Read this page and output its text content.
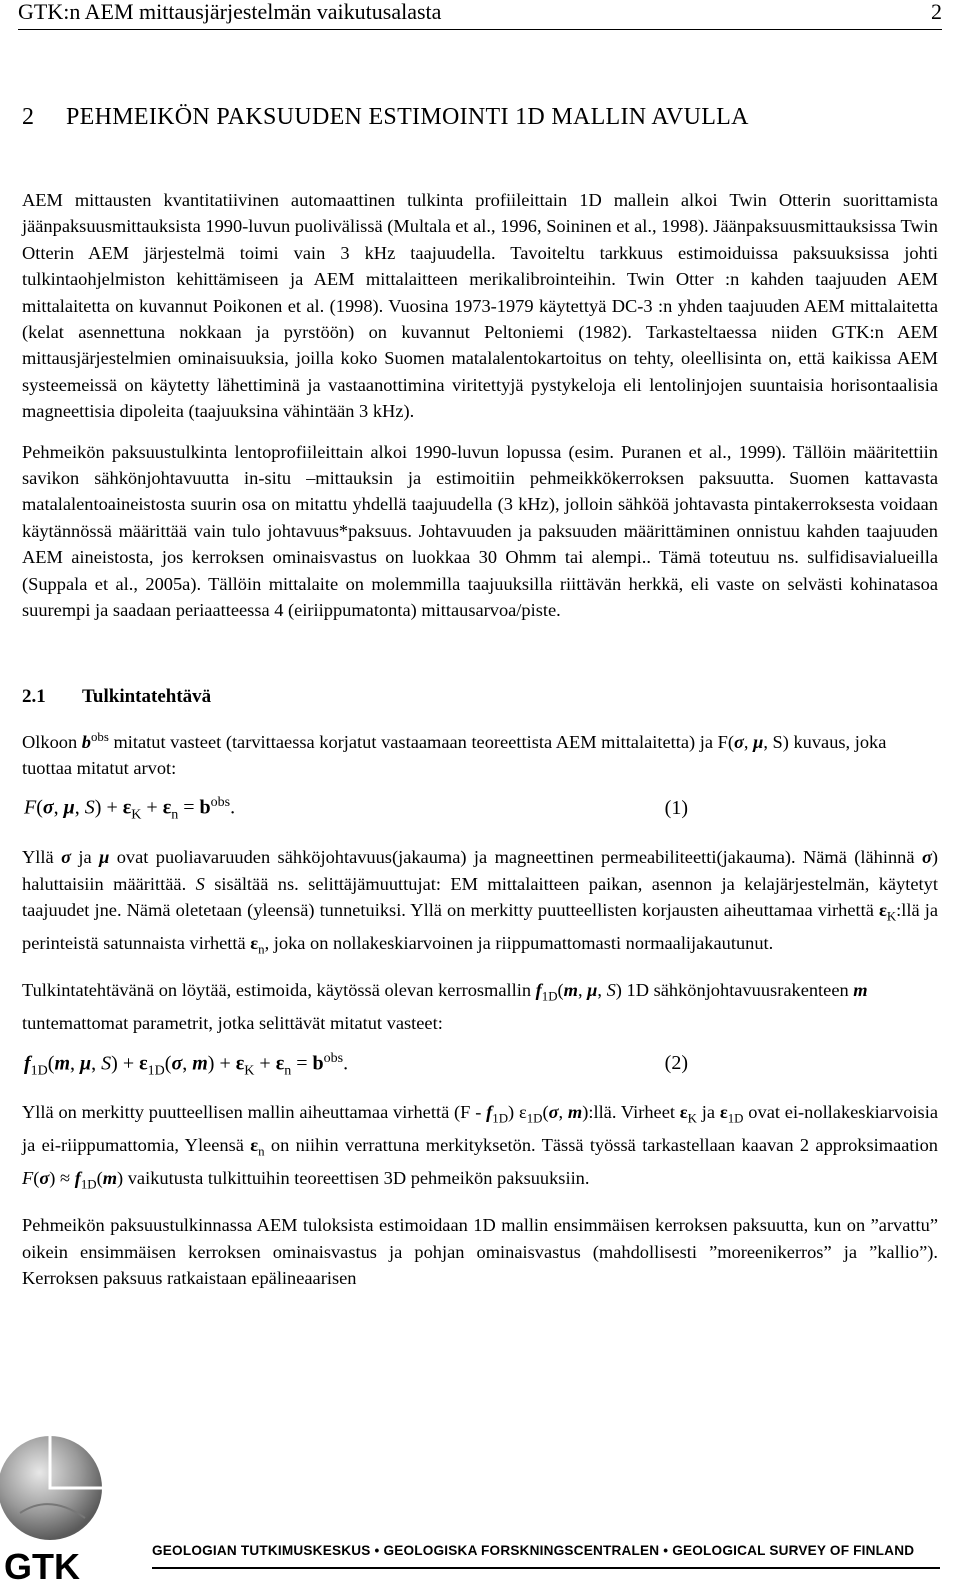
GTK:n AEM mittausjärjestelmän vaikutusalasta	2
2	PEHMEIKÖN PAKSUUDEN ESTIMOINTI 1D MALLIN AVULLA

AEM mittausten kvantitatiivinen automaattinen tulkinta profiileittain 1D mallein alkoi Twin Otterin suorittamista jäänpaksuusmittauksista 1990-luvun puolivälissä (Multala et al., 1996, Soininen et al., 1998). Jäänpaksuusmittauksissa Twin Otterin AEM järjestelmä toimi vain 3 kHz taajuudella. Tavoiteltu tarkkuus estimoiduissa paksuuksissa johti tulkintaohjelmiston kehittämiseen ja AEM mittalaitteen merikalibrointeihin. Twin Otter :n kahden taajuuden AEM mittalaitetta on kuvannut Poikonen et al. (1998). Vuosina 1973-1979 käytettyä DC-3 :n yhden taajuuden AEM mittalaitetta (kelat asennettuna nokkaan ja pyrstöön) on kuvannut Peltoniemi (1982). Tarkasteltaessa niiden GTK:n AEM mittausjärjestelmien ominaisuuksia, joilla koko Suomen matalalentokartoitus on tehty, oleellisinta on, että kaikissa AEM systeemeissä on käytetty lähettiminä ja vastaanottimina viritettyjä pystykeloja eli lentolinjojen suuntaisia horisontaalisia magneettisia dipoleita (taajuuksina vähintään 3 kHz).

Pehmeikön paksuustulkinta lentoprofiileittain alkoi 1990-luvun lopussa (esim. Puranen et al., 1999). Tällöin määritettiin savikon sähkönjohtavuutta in-situ –mittauksin ja estimoitiin pehmeikkökerroksen paksuutta. Suomen kattavasta matalalentoaineistosta suurin osa on mitattu yhdellä taajuudella (3 kHz), jolloin sähköä johtavasta pintakerroksesta voidaan käytännössä määrittää vain tulo johtavuus*paksuus. Johtavuuden ja paksuuden määrittäminen onnistuu kahden taajuuden AEM aineistosta, jos kerroksen ominaisvastus on luokkaa 30 Ohmm tai alempi.. Tämä toteutuu ns. sulfidisavialueilla (Suppala et al., 2005a). Tällöin mittalaite on molemmilla taajuuksilla riittävän herkkä, eli vaste on selvästi kohinatasoa suurempi ja saadaan periaatteessa 4 (eiriippumatonta) mittausarvoa/piste.

2.1	Tulkintatehtävä

Olkoon $b^{obs}$ mitatut vasteet (tarvittaessa korjatut vastaamaan teoreettista AEM mittalaitetta) ja F(σ, μ, S) kuvaus, joka tuottaa mitatut arvot:

F(σ, μ, $S) + \varepsilon_K + \varepsilon_n = b^{obs}$.	(1)

Yllä σ ja μ ovat puoliavaruuden sähköjohtavuus(jakauma) ja magneettinen permeabiliteetti(jakauma). Nämä (lähinnä σ) haluttaisiin määrittää. S sisältää ns. selittäjämuuttujat: EM mittalaitteen paikan, asennon ja kelajärjestelmän, käytetyt taajuudet jne. Nämä oletetaan (yleensä) tunnetuiksi. Yllä on merkitty puutteellisten korjausten aiheuttamaa virhettä $\varepsilon_K:llä$ ja perinteistä satunnaista virhettä $\varepsilon_n$, joka on nollakeskiarvoinen ja riippumattomasti normaalijakautunut.

Tulkintatehtävänä on löytää, estimoida, käytössä olevan kerrosmallin $f_{1D}(m$, μ, S) 1D sähkönjohtavuusrakenteen m tuntemattomat parametrit, jotka selittävät mitatut vasteet:

$f_{1D}(m$, μ, $S) + \varepsilon_{1D}(\sigma$, $m) + \varepsilon_K + \varepsilon_n = b^{obs}$.	(2)

Yllä on merkitty puutteellisen mallin aiheuttamaa virhettä $(F - f_{1D})$ $\varepsilon_{1D}(\sigma$, m):llä. Virheet $\varepsilon_K$ ja $\varepsilon_{1D}$ ovat ei-nollakeskiarvoisia ja ei-riippumattomia, Yleensä $\varepsilon_n$ on niihin verrattuna merkityksetön. Tässä työssä tarkastellaan kaavan 2 approksimaation $F(\sigma) \approx f_{1D}(m)$ vaikutusta tulkittuihin teoreettisen 3D pehmeikön paksuuksiin.

Pehmeikön paksuustulkinnassa AEM tuloksista estimoidaan 1D mallin ensimmäisen kerroksen paksuutta, kun on ”arvattu” oikein ensimmäisen kerroksen ominaisvastus ja pohjan ominaisvastus (mahdollisesti ”moreenikerros” ja ”kallio”). Kerroksen paksuus ratkaistaan epälineaarisen

GTK	GEOLOGIAN TUTKIMUSKESKUS • GEOLOGISKA FORSKNINGSCENTRALEN • GEOLOGICAL SURVEY OF FINLAND
